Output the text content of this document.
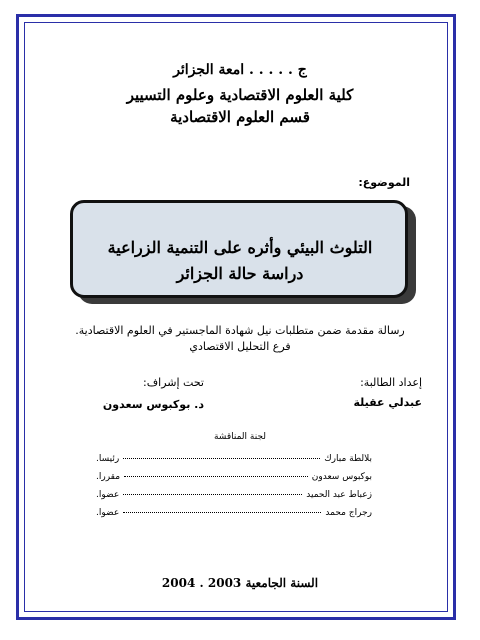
ج . . . . . امعة الجزائر
كلية العلوم الاقتصادية وعلوم التسيير
قسم العلوم الاقتصادية
الموضوع:
التلوث البيئي وأثره على التنمية الزراعية
دراسة حالة الجزائر
رسالة مقدمة ضمن متطلبات نيل شهادة الماجستير في العلوم الاقتصادية.
فرع التحليل الاقتصادي
إعداد الطالبة:
عبدلي عقيلة
تحت إشراف:
د. بوكبوس سعدون
لجنة المناقشة
بلالطة مبارك
رئيسا.
بوكبوس سعدون
مقررا.
زعباط عبد الحميد
عضوا.
رجراج محمد
عضوا.
السنة الجامعية 2003 . 2004
